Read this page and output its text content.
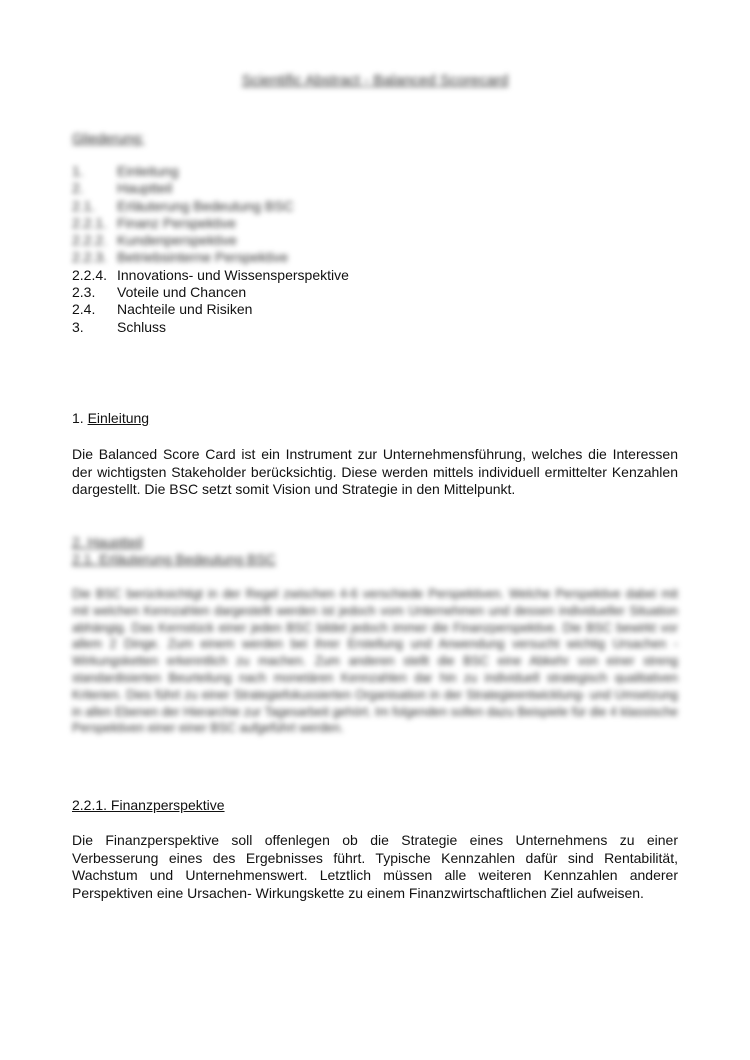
Scientific Abstract - Balanced Scorecard
Gliederung:
1.	Einleitung
2.	Hauptteil
2.1.	Erläuterung Bedeutung BSC
2.2.1. Finanz Perspektive
2.2.2. Kundenperspektive
2.2.3. Betriebsinterne Perspektive
2.2.4. Innovations- und Wissensperspektive
2.3.	Voteile und Chancen
2.4.	Nachteile und Risiken
3.	Schluss
1. Einleitung

Die Balanced Score Card ist ein Instrument zur Unternehmensführung, welches die Interessen der wichtigsten Stakeholder berücksichtig. Diese werden mittels individuell ermittelter Kenzahlen dargestellt. Die BSC setzt somit Vision und Strategie in den Mittelpunkt.

2. Hauptteil
2.1. Erläuterung Bedeutung BSC

Die BSC berücksichtigt in der Regel zwischen 4-6 verschiede Perspektiven. Welche Perspektive dabei mit mit welchen Kennzahlen dargestellt werden ist jedoch vom Unternehmen und dessen individueller Situation abhängig. Das Kernstück einer jeden BSC bildet jedoch immer die Finanzperspektive. Die BSC bewirkt vor allem 2 Dinge. Zum einem werden bei ihrer Erstellung und Anwendung versucht wichtig Ursachen - Wirkungsketten erkenntlich zu machen. Zum anderen stellt die BSC eine Abkehr von einer streng standardisierten Beurteilung nach monetären Kennzahlen dar hin zu individuell strategisch qualitativen Kriterien. Dies führt zu einer Strategiefokussierten Organisation in der Strategieentwicklung- und Umsetzung in allen Ebenen der Hierarchie zur Tagesarbeit gehört. Im folgenden sollen dazu Beispiele für die 4 klassische Perspektiven einer einer BSC aufgeführt werden.

2.2.1. Finanzperspektive

Die Finanzperspektive soll offenlegen ob die Strategie eines Unternehmens zu einer Verbesserung eines des Ergebnisses führt. Typische Kennzahlen dafür sind Rentabilität, Wachstum und Unternehmenswert. Letztlich müssen alle weiteren Kennzahlen anderer Perspektiven eine Ursachen- Wirkungskette zu einem Finanzwirtschaftlichen Ziel aufweisen.
